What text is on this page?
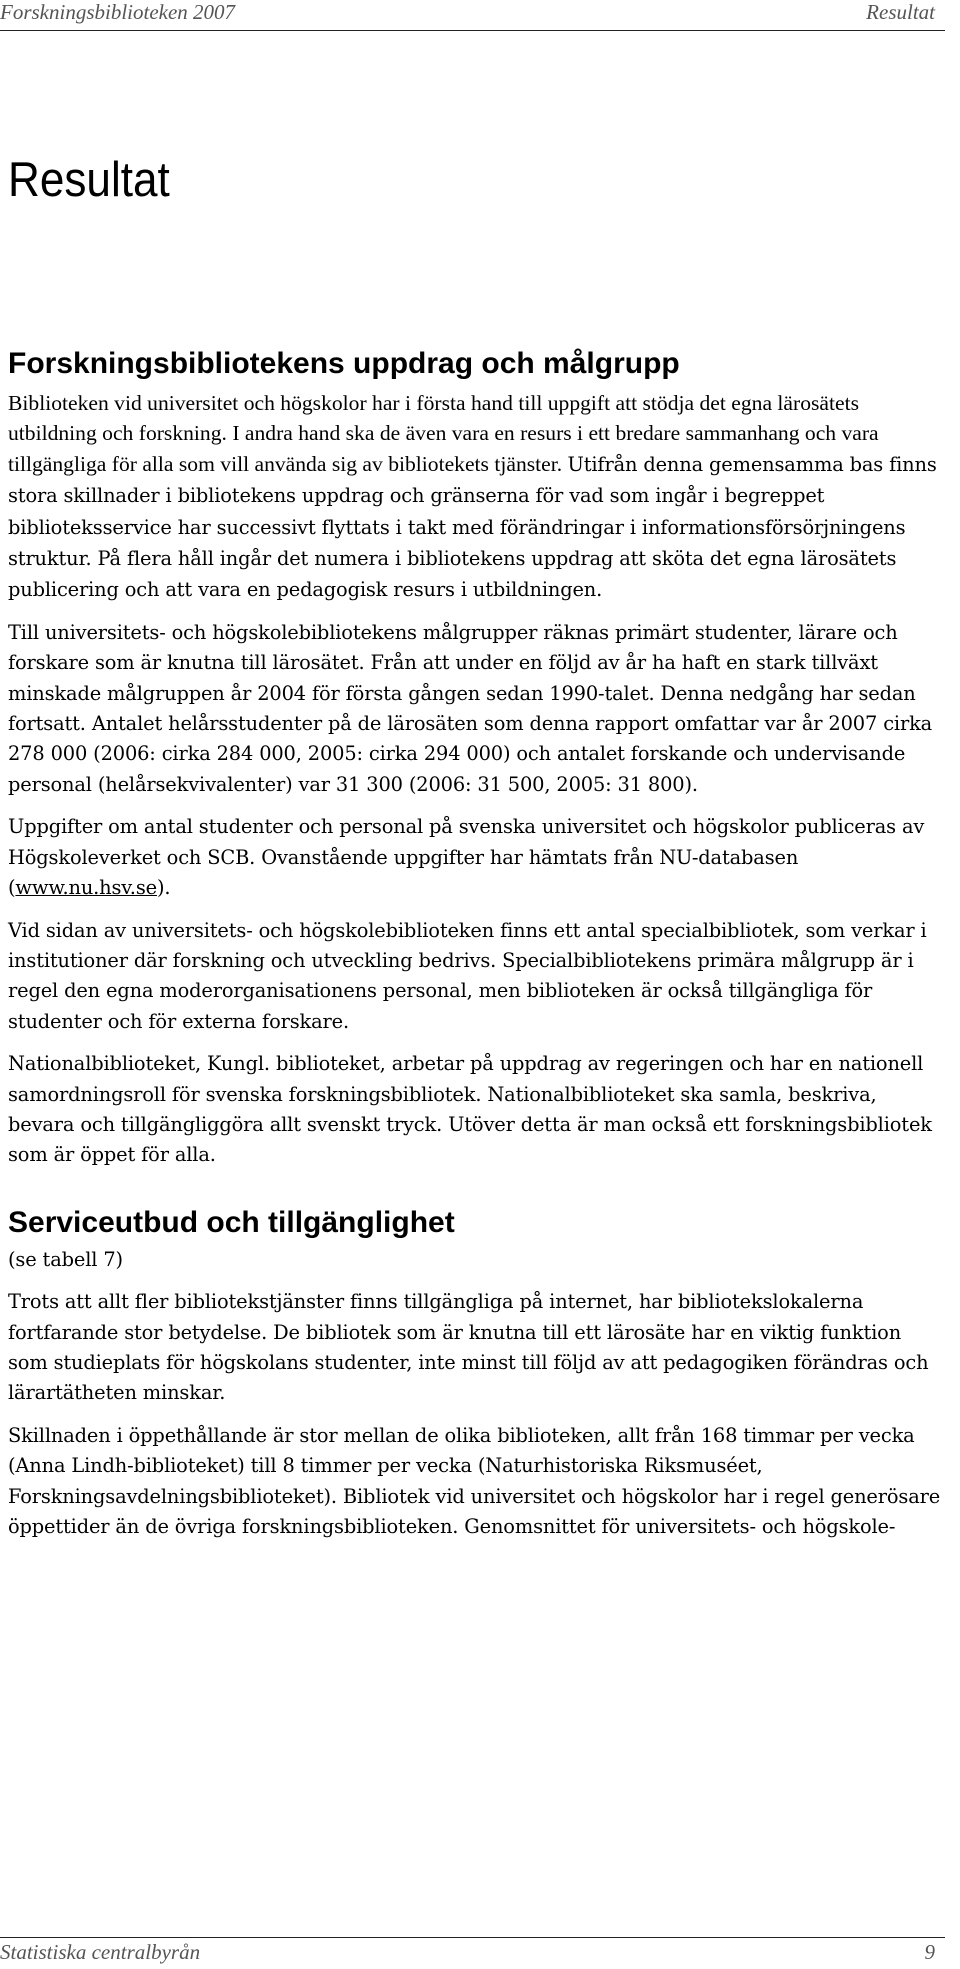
Forskningsbiblioteken 2007	Resultat
Resultat
Forskningsbibliotekens uppdrag och målgrupp

Biblioteken vid universitet och högskolor har i första hand till uppgift att stödja det egna lärosätets utbildning och forskning. I andra hand ska de även vara en resurs i ett bredare sammanhang och vara tillgängliga för alla som vill använda sig av bibliotekets tjänster. Utifrån denna gemensamma bas finns stora skillnader i bibliotekens uppdrag och gränserna för vad som ingår i begreppet biblioteksservice har successivt flyttats i takt med förändringar i informationsförsörjningens struktur. På flera håll ingår det numera i bibliotekens uppdrag att sköta det egna lärosätets publicering och att vara en pedagogisk resurs i utbildningen.

Till universitets- och högskolebibliotekens målgrupper räknas primärt studenter, lärare och forskare som är knutna till lärosätet. Från att under en följd av år ha haft en stark tillväxt minskade målgruppen år 2004 för första gången sedan 1990-talet. Denna nedgång har sedan fortsatt. Antalet helårsstudenter på de lärosäten som denna rapport omfattar var år 2007 cirka 278 000 (2006: cirka 284 000, 2005: cirka 294 000) och antalet forskande och undervisande personal (helårsekvivalenter) var 31 300 (2006: 31 500, 2005: 31 800).

Uppgifter om antal studenter och personal på svenska universitet och högskolor publiceras av Högskoleverket och SCB. Ovanstående uppgifter har hämtats från NU-databasen (www.nu.hsv.se).

Vid sidan av universitets- och högskolebiblioteken finns ett antal specialbibliotek, som verkar i institutioner där forskning och utveckling bedrivs. Specialbibliotekens primära målgrupp är i regel den egna moderorganisationens personal, men biblioteken är också tillgängliga för studenter och för externa forskare.

Nationalbiblioteket, Kungl. biblioteket, arbetar på uppdrag av regeringen och har en nationell samordningsroll för svenska forskningsbibliotek. Nationalbiblioteket ska samla, beskriva, bevara och tillgängliggöra allt svenskt tryck. Utöver detta är man också ett forskningsbibliotek som är öppet för alla.

Serviceutbud och tillgänglighet

(se tabell 7)

Trots att allt fler bibliotekstjänster finns tillgängliga på internet, har bibliotekslokalerna fortfarande stor betydelse. De bibliotek som är knutna till ett lärosäte har en viktig funktion som studieplats för högskolans studenter, inte minst till följd av att pedagogiken förändras och lärartätheten minskar.

Skillnaden i öppethållande är stor mellan de olika biblioteken, allt från 168 timmar per vecka (Anna Lindh-biblioteket) till 8 timmer per vecka (Naturhistoriska Riksmuséet, Forskningsavdelningsbiblioteket). Bibliotek vid universitet och högskolor har i regel generösare öppettider än de övriga forskningsbiblioteken. Genomsnittet för universitets- och högskole-

Statistiska centralbyrån	9
